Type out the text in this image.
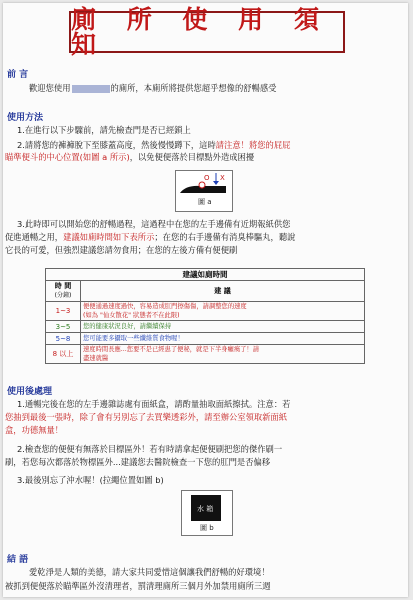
廁 所 使 用 須 知
前 言
歡迎您使用	的廁所，本廁所將提供您超乎想像的舒暢感受
使用方法
1.在進行以下步驟前，請先檢查門是否已經鎖上
2.請將您的褲褲脫下至膝蓋高度，然後慢慢蹲下，這時請注意！將您的屁屁
瞄準便斗的中心位置(如圖 a 所示)，以免便便落於目標點外造成困擾
O X
圖 a
3.此時即可以開始您的舒暢過程，這過程中在您的左手邊備有近期報紙供您
促進通暢之用，建議如廁時間如下表所示；在您的右手邊備有消臭棒驅丸，聽說
它長的可愛，但強烈建議您請勿食用；在您的左後方備有便便刷
建議如廁時間	
時 間
(分鐘)	建 議
1~3	便便通過速度過快，容易造成肛門擦傷傷，請調整您的速度
(如為 "仙女散花" 狀態者不在此限)

3~5	您的健康狀況良好，請繼續保持
5~8	您可能要多攝取一些纖維質食物喔！
8 以上	速度時間長應...您要不是已經患了便秘，就是下半身癱瘓了！請
盡速就醫
使用後處理
1.通暢完後在您的左手邊雜誌處有面紙盒，請酌量抽取面紙擦拭。注意：若
您抽到最後一張時，除了會有另別忘了去買樂透彩外，請至辦公室領取新面紙
盒，功德無量！
2.檢查您的便便有無落於目標區外！若有時請拿起便便刷把您的傑作刷一
刷，若您每次都落於物標區外...建議您去醫院檢查一下您的肛門是否偏移
3.最後別忘了沖水喔！(拉繩位置如圖 b)
水 箱
圖 b
結 語
愛乾淨是人類的美德，請大家共同愛惜這個讓我們舒暢的好環境！
被抓到便便落於瞄準區外沒清理者，罰清理廁所三個月外加禁用廁所三週
